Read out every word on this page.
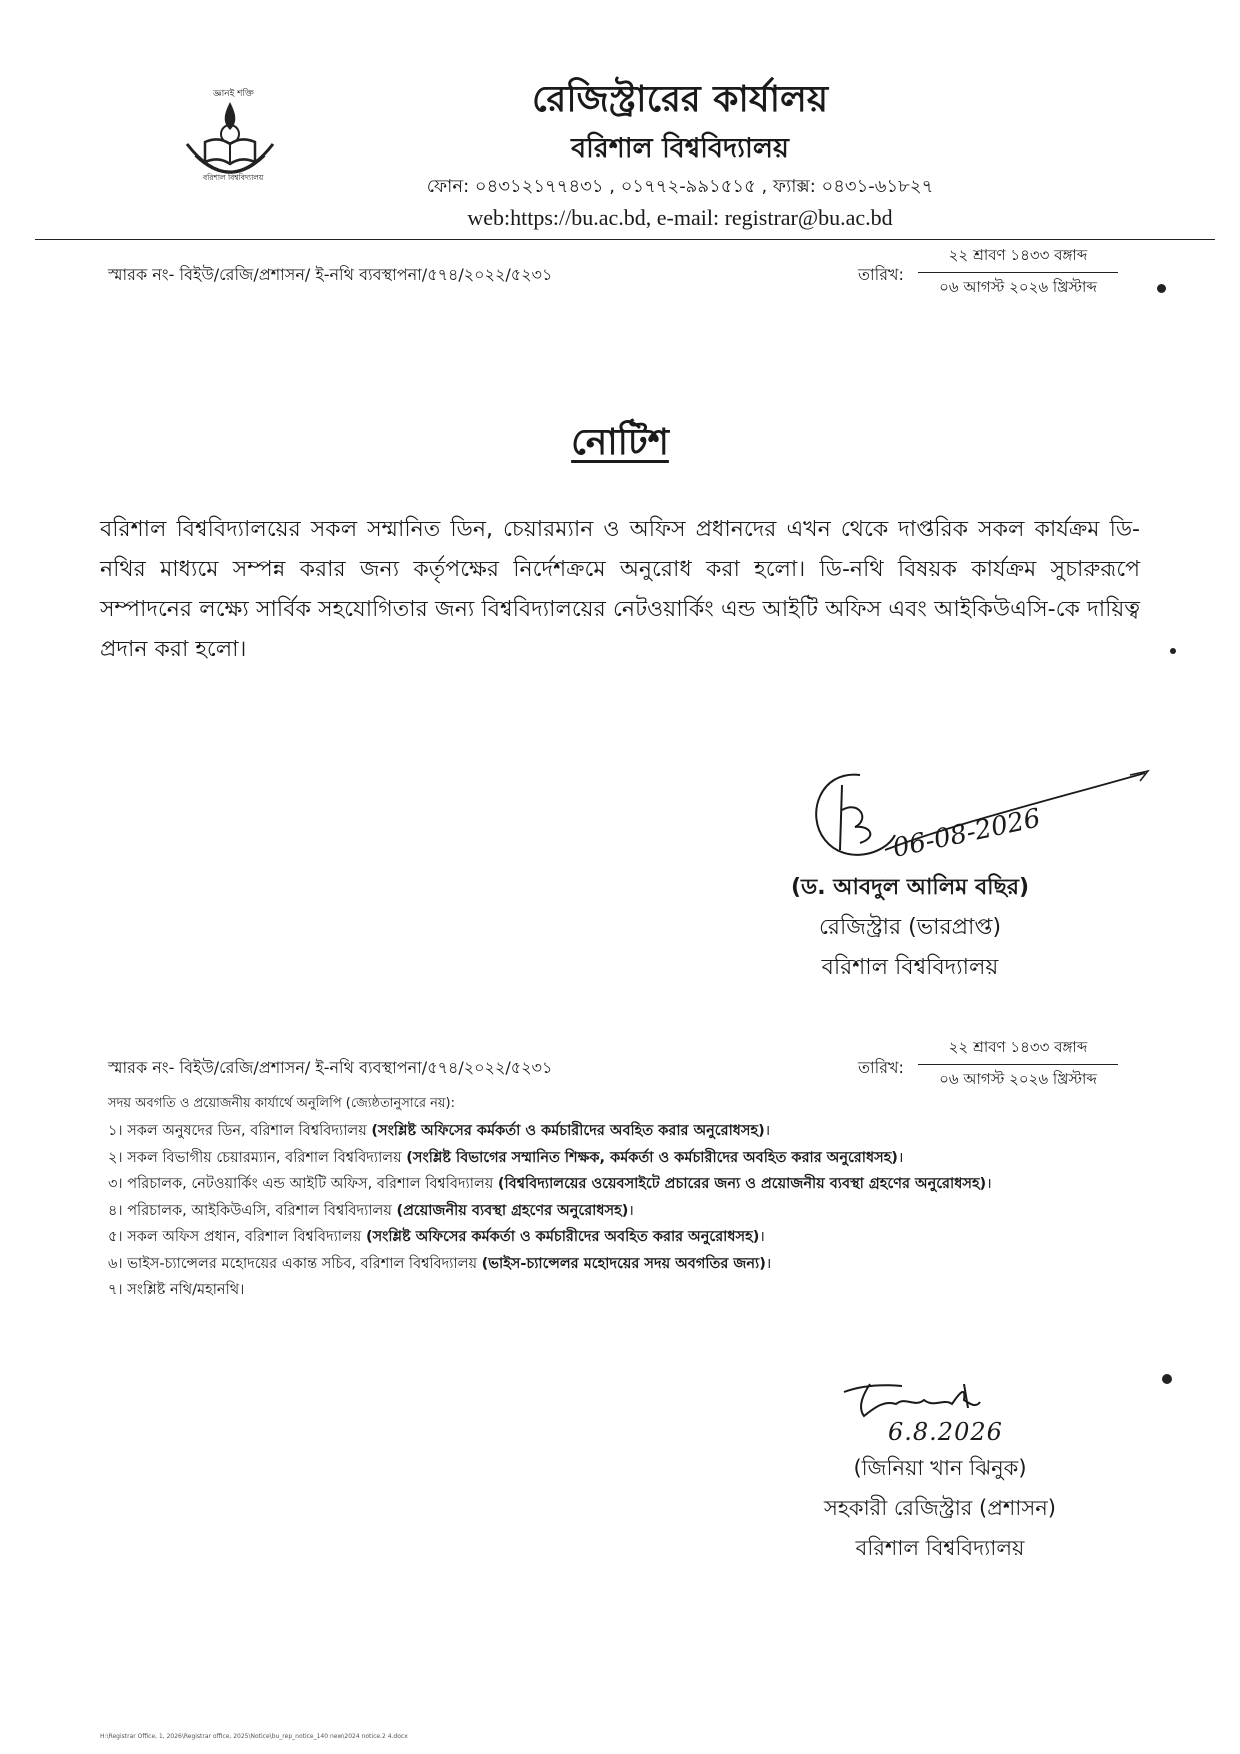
জ্ঞানই শক্তি
বরিশাল বিশ্ববিদ্যালয়
রেজিস্ট্রারের কার্যালয়
বরিশাল বিশ্ববিদ্যালয়
ফোন: ০৪৩১২১৭৭৪৩১ , ০১৭৭২-৯৯১৫১৫ , ফ্যাক্স: ০৪৩১-৬১৮২৭
web:https://bu.ac.bd, e-mail: registrar@bu.ac.bd
স্মারক নং- বিইউ/রেজি/প্রশাসন/ ই-নথি ব্যবস্থাপনা/৫৭৪/২০২২/৫২৩১	তারিখ:
২২ শ্রাবণ ১৪৩৩ বঙ্গাব্দ
০৬ আগস্ট ২০২৬ খ্রিস্টাব্দ
নোটিশ
বরিশাল বিশ্ববিদ্যালয়ের সকল সম্মানিত ডিন, চেয়ারম্যান ও অফিস প্রধানদের এখন থেকে দাপ্তরিক সকল কার্যক্রম ডি-নথির মাধ্যমে সম্পন্ন করার জন্য কর্তৃপক্ষের নির্দেশক্রমে অনুরোধ করা হলো। ডি-নথি বিষয়ক কার্যক্রম সুচারুরূপে সম্পাদনের লক্ষ্যে সার্বিক সহযোগিতার জন্য বিশ্ববিদ্যালয়ের নেটওয়ার্কিং এন্ড আইটি অফিস এবং আইকিউএসি-কে দায়িত্ব প্রদান করা হলো।
06-08-2026
(ড. আবদুল আলিম বছির)
রেজিস্ট্রার (ভারপ্রাপ্ত)
বরিশাল বিশ্ববিদ্যালয়
স্মারক নং- বিইউ/রেজি/প্রশাসন/ ই-নথি ব্যবস্থাপনা/৫৭৪/২০২২/৫২৩১	তারিখ:
২২ শ্রাবণ ১৪৩৩ বঙ্গাব্দ
০৬ আগস্ট ২০২৬ খ্রিস্টাব্দ
সদয় অবগতি ও প্রয়োজনীয় কার্যার্থে অনুলিপি (জ্যেষ্ঠতানুসারে নয়):
১। সকল অনুষদের ডিন, বরিশাল বিশ্ববিদ্যালয় (সংশ্লিষ্ট অফিসের কর্মকর্তা ও কর্মচারীদের অবহিত করার অনুরোধসহ)।
২। সকল বিভাগীয় চেয়ারম্যান, বরিশাল বিশ্ববিদ্যালয় (সংশ্লিষ্ট বিভাগের সম্মানিত শিক্ষক, কর্মকর্তা ও কর্মচারীদের অবহিত করার অনুরোধসহ)।
৩। পরিচালক, নেটওয়ার্কিং এন্ড আইটি অফিস, বরিশাল বিশ্ববিদ্যালয় (বিশ্ববিদ্যালয়ের ওয়েবসাইটে প্রচারের জন্য ও প্রয়োজনীয় ব্যবস্থা গ্রহণের অনুরোধসহ)।
৪। পরিচালক, আইকিউএসি, বরিশাল বিশ্ববিদ্যালয় (প্রয়োজনীয় ব্যবস্থা গ্রহণের অনুরোধসহ)।
৫। সকল অফিস প্রধান, বরিশাল বিশ্ববিদ্যালয় (সংশ্লিষ্ট অফিসের কর্মকর্তা ও কর্মচারীদের অবহিত করার অনুরোধসহ)।
৬। ভাইস-চ্যান্সেলর মহোদয়ের একান্ত সচিব, বরিশাল বিশ্ববিদ্যালয় (ভাইস-চ্যান্সেলর মহোদয়ের সদয় অবগতির জন্য)।
৭। সংশ্লিষ্ট নথি/মহানথি।
6.8.2026
(জিনিয়া খান ঝিনুক)
সহকারী রেজিস্ট্রার (প্রশাসন)
বরিশাল বিশ্ববিদ্যালয়
H:\Registrar Office, 1, 2026\Registrar office, 2025\Notice\bu_rep_notice_140 new\2024 notice.2 4.docx
